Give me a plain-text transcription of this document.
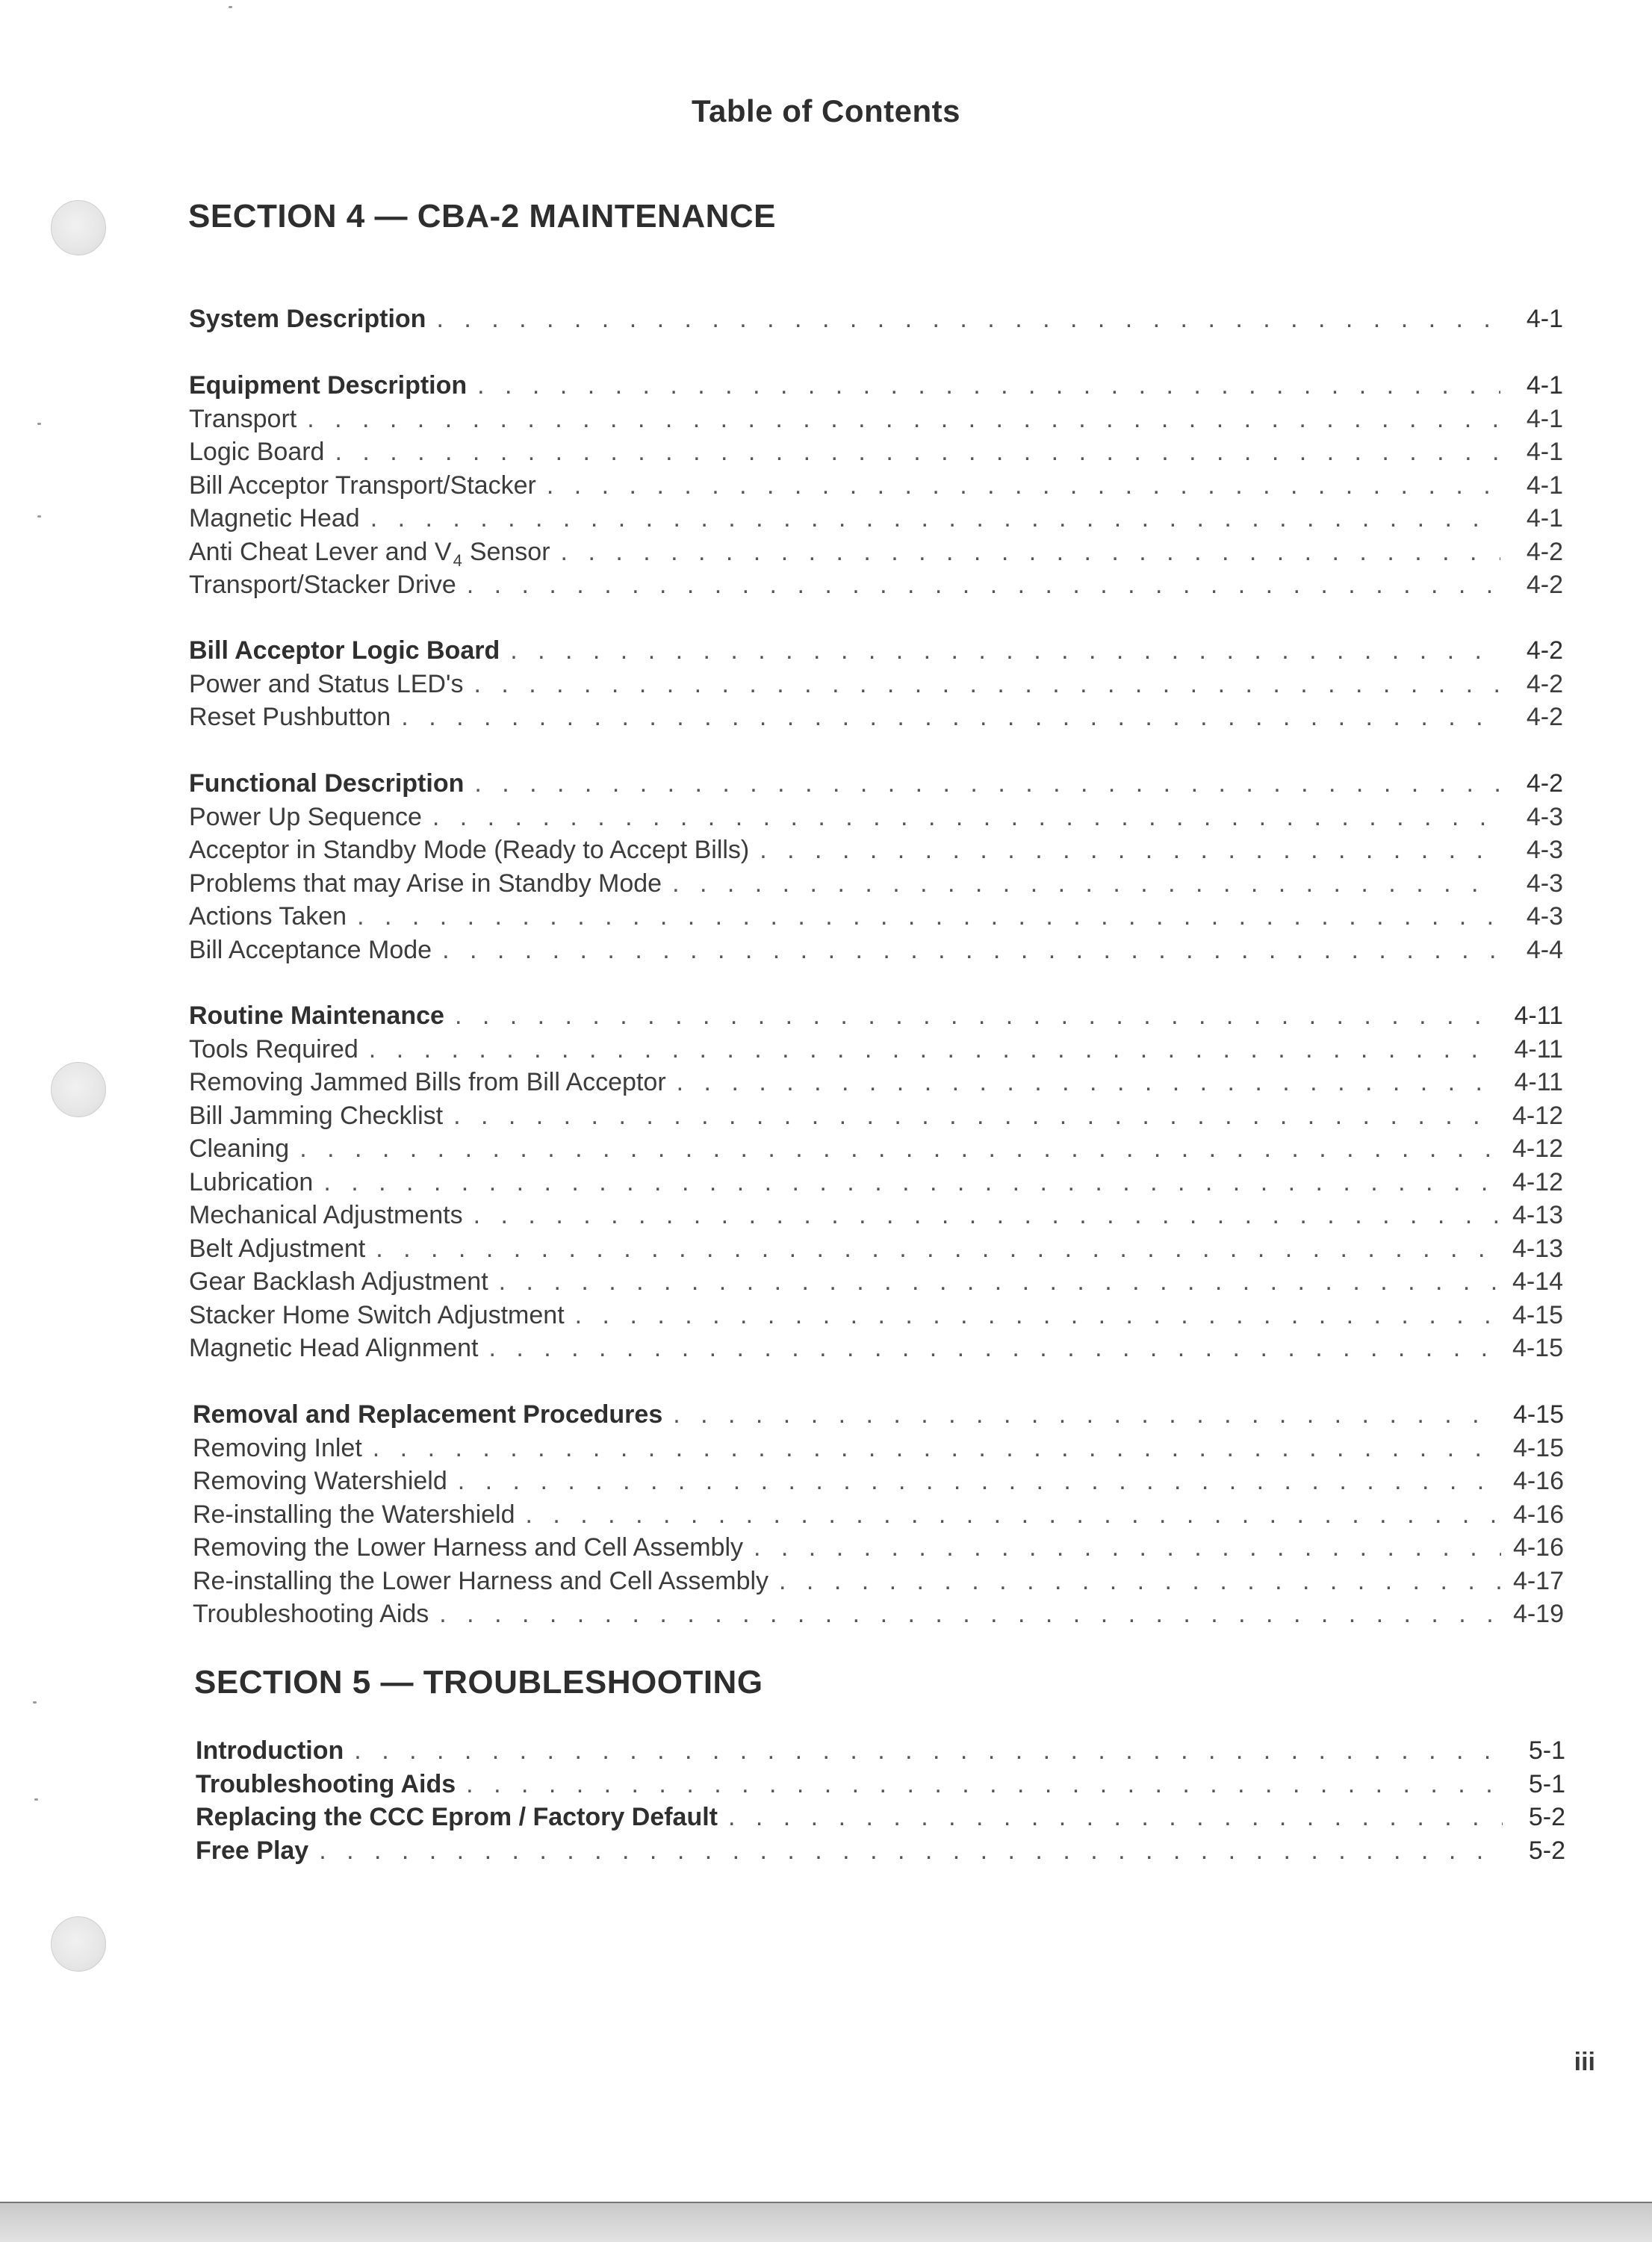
Table of Contents
SECTION 4 — CBA-2 MAINTENANCE
System Description . . .	4-1
Equipment Description . . .	4-1
Transport . . .	4-1
Logic Board . . .	4-1
Bill Acceptor Transport/Stacker . . .	4-1
Magnetic Head . . .	4-1
Anti Cheat Lever and V 4 Sensor . . .	4-2
Transport/Stacker Drive . . .	4-2
Bill Acceptor Logic Board . . .	4-2
Power and Status LED's . . .	4-2
Reset Pushbutton . . .	4-2
Functional Description . . .	4-2
Power Up Sequence . . .	4-3
Acceptor in Standby Mode (Ready to Accept Bills) . . .	4-3
Problems that may Arise in Standby Mode . . .	4-3
Actions Taken . . .	4-3
Bill Acceptance Mode . . .	4-4
Routine Maintenance . . .	4-11
Tools Required . . .	4-11
Removing Jammed Bills from Bill Acceptor . . .	4-11
Bill Jamming Checklist . . .	4-12
Cleaning . . .	4-12
Lubrication . . .	4-12
Mechanical Adjustments . . .	4-13
Belt Adjustment . . .	4-13
Gear Backlash Adjustment . . .	4-14
Stacker Home Switch Adjustment . . .	4-15
Magnetic Head Alignment . . .	4-15
Removal and Replacement Procedures . . .	4-15
Removing Inlet . . .	4-15
Removing Watershield . . .	4-16
Re-installing the Watershield . . .	4-16
Removing the Lower Harness and Cell Assembly . . .	4-16
Re-installing the Lower Harness and Cell Assembly . . .	4-17
Troubleshooting Aids . . .	4-19
SECTION 5 — TROUBLESHOOTING
Introduction . . .	5-1
Troubleshooting Aids . . .	5-1
Replacing the CCC Eprom / Factory Default . . .	5-2
Free Play . . .	5-2
iii
